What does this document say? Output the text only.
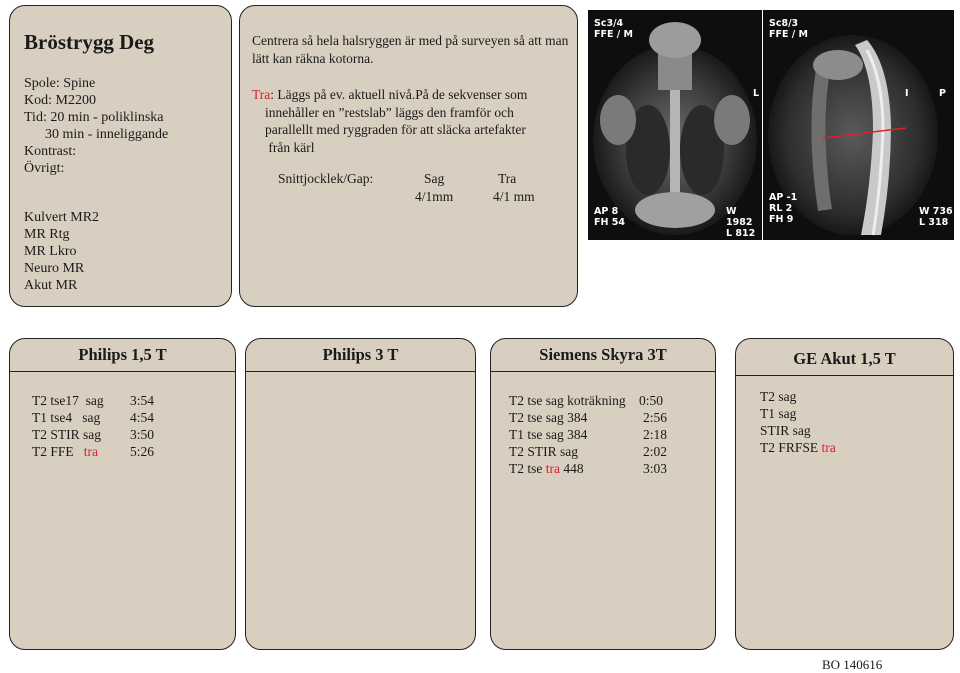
Bröstrygg Deg
Spole: Spine
Kod: M2200
Tid: 20 min - poliklinska
30 min - inneliggande
Kontrast:
Övrigt:
Kulvert MR2
MR Rtg
MR Lkro
Neuro MR
Akut MR
Centrera så hela halsryggen är med på surveyen så att man
lätt kan räkna kotorna.
Tra: Läggs på ev. aktuell nivå.På de sekvenser som
innehåller en ”restslab” läggs den framför och
parallellt med ryggraden för att släcka artefakter
från kärl
Snittjocklek/Gap:	Sag	Tra
4/1mm	4/1 mm
Sc3/4
FFE / M
L
AP 8
FH 54
W 1982
L 812
Sc8/3
FFE / M
I	P
AP -1
RL 2
FH 9
W 736
L 318
Philips 1,5 T
T2 tse17  sag 3:54
T1 tse4   sag 4:54
T2 STIR sag 3:50
T2 FFE   tra 5:26
Philips 3 T	Siemens Skyra 3T
T2 tse sag koträkning 0:50
T2 tse sag 384	2:56
T1 tse sag 384	2:18
T2 STIR sag	2:02
T2 tse tra 448	3:03
GE Akut 1,5 T
T2 sag
T1 sag
STIR sag
T2 FRFSE tra
BO 140616
